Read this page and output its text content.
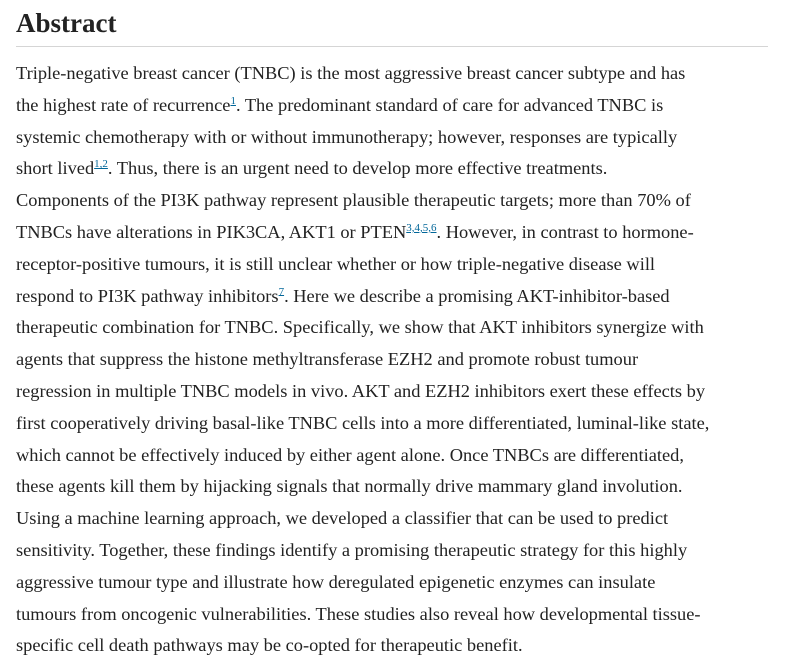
Abstract
Triple-negative breast cancer (TNBC) is the most aggressive breast cancer subtype and has
the highest rate of recurrence$^1$. The predominant standard of care for advanced TNBC is
systemic chemotherapy with or without immunotherapy; however, responses are typically
short lived$^{1,2}$. Thus, there is an urgent need to develop more effective treatments.
Components of the PI3K pathway represent plausible therapeutic targets; more than 70% of
TNBCs have alterations in PIK3CA, AKT1 or PTEN$^{3,4,5,6}$. However, in contrast to hormone-
receptor-positive tumours, it is still unclear whether or how triple-negative disease will
respond to PI3K pathway inhibitors$^7$. Here we describe a promising AKT-inhibitor-based
therapeutic combination for TNBC. Specifically, we show that AKT inhibitors synergize with
agents that suppress the histone methyltransferase EZH2 and promote robust tumour
regression in multiple TNBC models in vivo. AKT and EZH2 inhibitors exert these effects by
first cooperatively driving basal-like TNBC cells into a more differentiated, luminal-like state,
which cannot be effectively induced by either agent alone. Once TNBCs are differentiated,
these agents kill them by hijacking signals that normally drive mammary gland involution.
Using a machine learning approach, we developed a classifier that can be used to predict
sensitivity. Together, these findings identify a promising therapeutic strategy for this highly
aggressive tumour type and illustrate how deregulated epigenetic enzymes can insulate
tumours from oncogenic vulnerabilities. These studies also reveal how developmental tissue-
specific cell death pathways may be co-opted for therapeutic benefit.
